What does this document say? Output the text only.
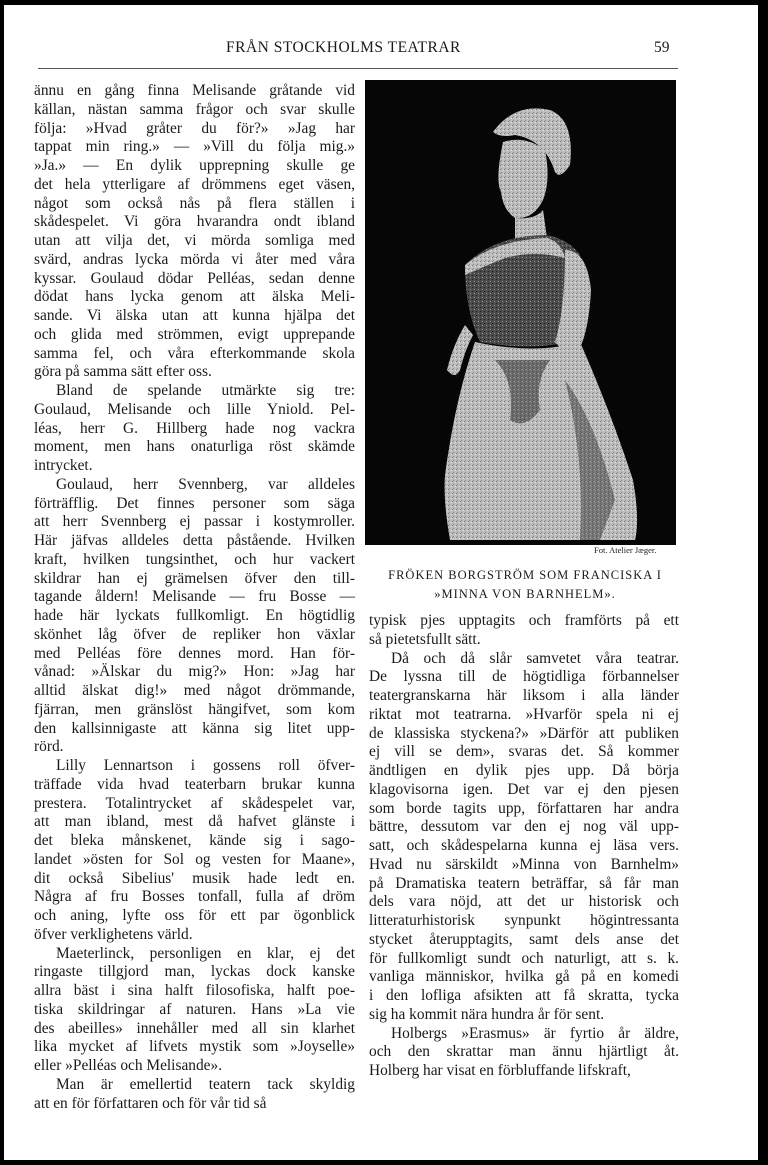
FRÅN STOCKHOLMS TEATRAR	59

ännu en gång finna Melisande gråtande vid
källan, nästan samma frågor och svar skulle
följa: »Hvad gråter du för?» »Jag har
tappat min ring.» — »Vill du följa mig.»
»Ja.» — En dylik upprepning skulle ge
det hela ytterligare af drömmens eget väsen,
något som också nås på flera ställen i
skådespelet. Vi göra hvarandra ondt ibland
utan att vilja det, vi mörda somliga med
svärd, andras lycka mörda vi åter med våra
kyssar. Goulaud dödar Pelléas, sedan denne
dödat hans lycka genom att älska Meli-
sande. Vi älska utan att kunna hjälpa det
och glida med strömmen, evigt upprepande
samma fel, och våra efterkommande skola
göra på samma sätt efter oss.

Bland de spelande utmärkte sig tre:
Goulaud, Melisande och lille Yniold. Pel-
léas, herr G. Hillberg hade nog vackra
moment, men hans onaturliga röst skämde
intrycket.

Goulaud, herr Svennberg, var alldeles
förträfflig. Det finnes personer som säga
att herr Svennberg ej passar i kostymroller.
Här jäfvas alldeles detta påstående. Hvilken
kraft, hvilken tungsinthet, och hur vackert
skildrar han ej grämelsen öfver den till-
tagande åldern! Melisande — fru Bosse —
hade här lyckats fullkomligt. En högtidlig
skönhet låg öfver de repliker hon växlar
med Pelléas före dennes mord. Han för-
vånad: »Älskar du mig?» Hon: »Jag har
alltid älskat dig!» med något drömmande,
fjärran, men gränslöst hängifvet, som kom
den kallsinnigaste att känna sig litet upp-
rörd.

Lilly Lennartson i gossens roll öfver-
träffade vida hvad teaterbarn brukar kunna
prestera. Totalintrycket af skådespelet var,
att man ibland, mest då hafvet glänste i
det bleka månskenet, kände sig i sago-
landet »östen for Sol og vesten for Maane»,
dit också Sibelius' musik hade ledt en.
Några af fru Bosses tonfall, fulla af dröm
och aning, lyfte oss för ett par ögonblick
öfver verklighetens värld.

Maeterlinck, personligen en klar, ej det
ringaste tillgjord man, lyckas dock kanske
allra bäst i sina halft filosofiska, halft poe-
tiska skildringar af naturen. Hans »La vie
des abeilles» innehåller med all sin klarhet
lika mycket af lifvets mystik som »Joyselle»
eller »Pelléas och Melisande».

Man är emellertid teatern tack skyldig
att en för författaren och för vår tid så

Fot. Atelier Jæger.
FRÖKEN BORGSTRÖM SOM FRANCISKA I
»MINNA VON BARNHELM».

typisk pjes upptagits och framförts på ett
så pietetsfullt sätt.

Då och då slår samvetet våra teatrar.
De lyssna till de högtidliga förbannelser
teatergranskarna här liksom i alla länder
riktat mot teatrarna. »Hvarför spela ni ej
de klassiska styckena?» »Därför att publiken
ej vill se dem», svaras det. Så kommer
ändtligen en dylik pjes upp. Då börja
klagovisorna igen. Det var ej den pjesen
som borde tagits upp, författaren har andra
bättre, dessutom var den ej nog väl upp-
satt, och skådespelarna kunna ej läsa vers.
Hvad nu särskildt »Minna von Barnhelm»
på Dramatiska teatern beträffar, så får man
dels vara nöjd, att det ur historisk och
litteraturhistorisk synpunkt högintressanta
stycket återupptagits, samt dels anse det
för fullkomligt sundt och naturligt, att s. k.
vanliga människor, hvilka gå på en komedi
i den lofliga afsikten att få skratta, tycka
sig ha kommit nära hundra år för sent.

Holbergs »Erasmus» är fyrtio år äldre,
och den skrattar man ännu hjärtligt åt.
Holberg har visat en förbluffande lifskraft,
